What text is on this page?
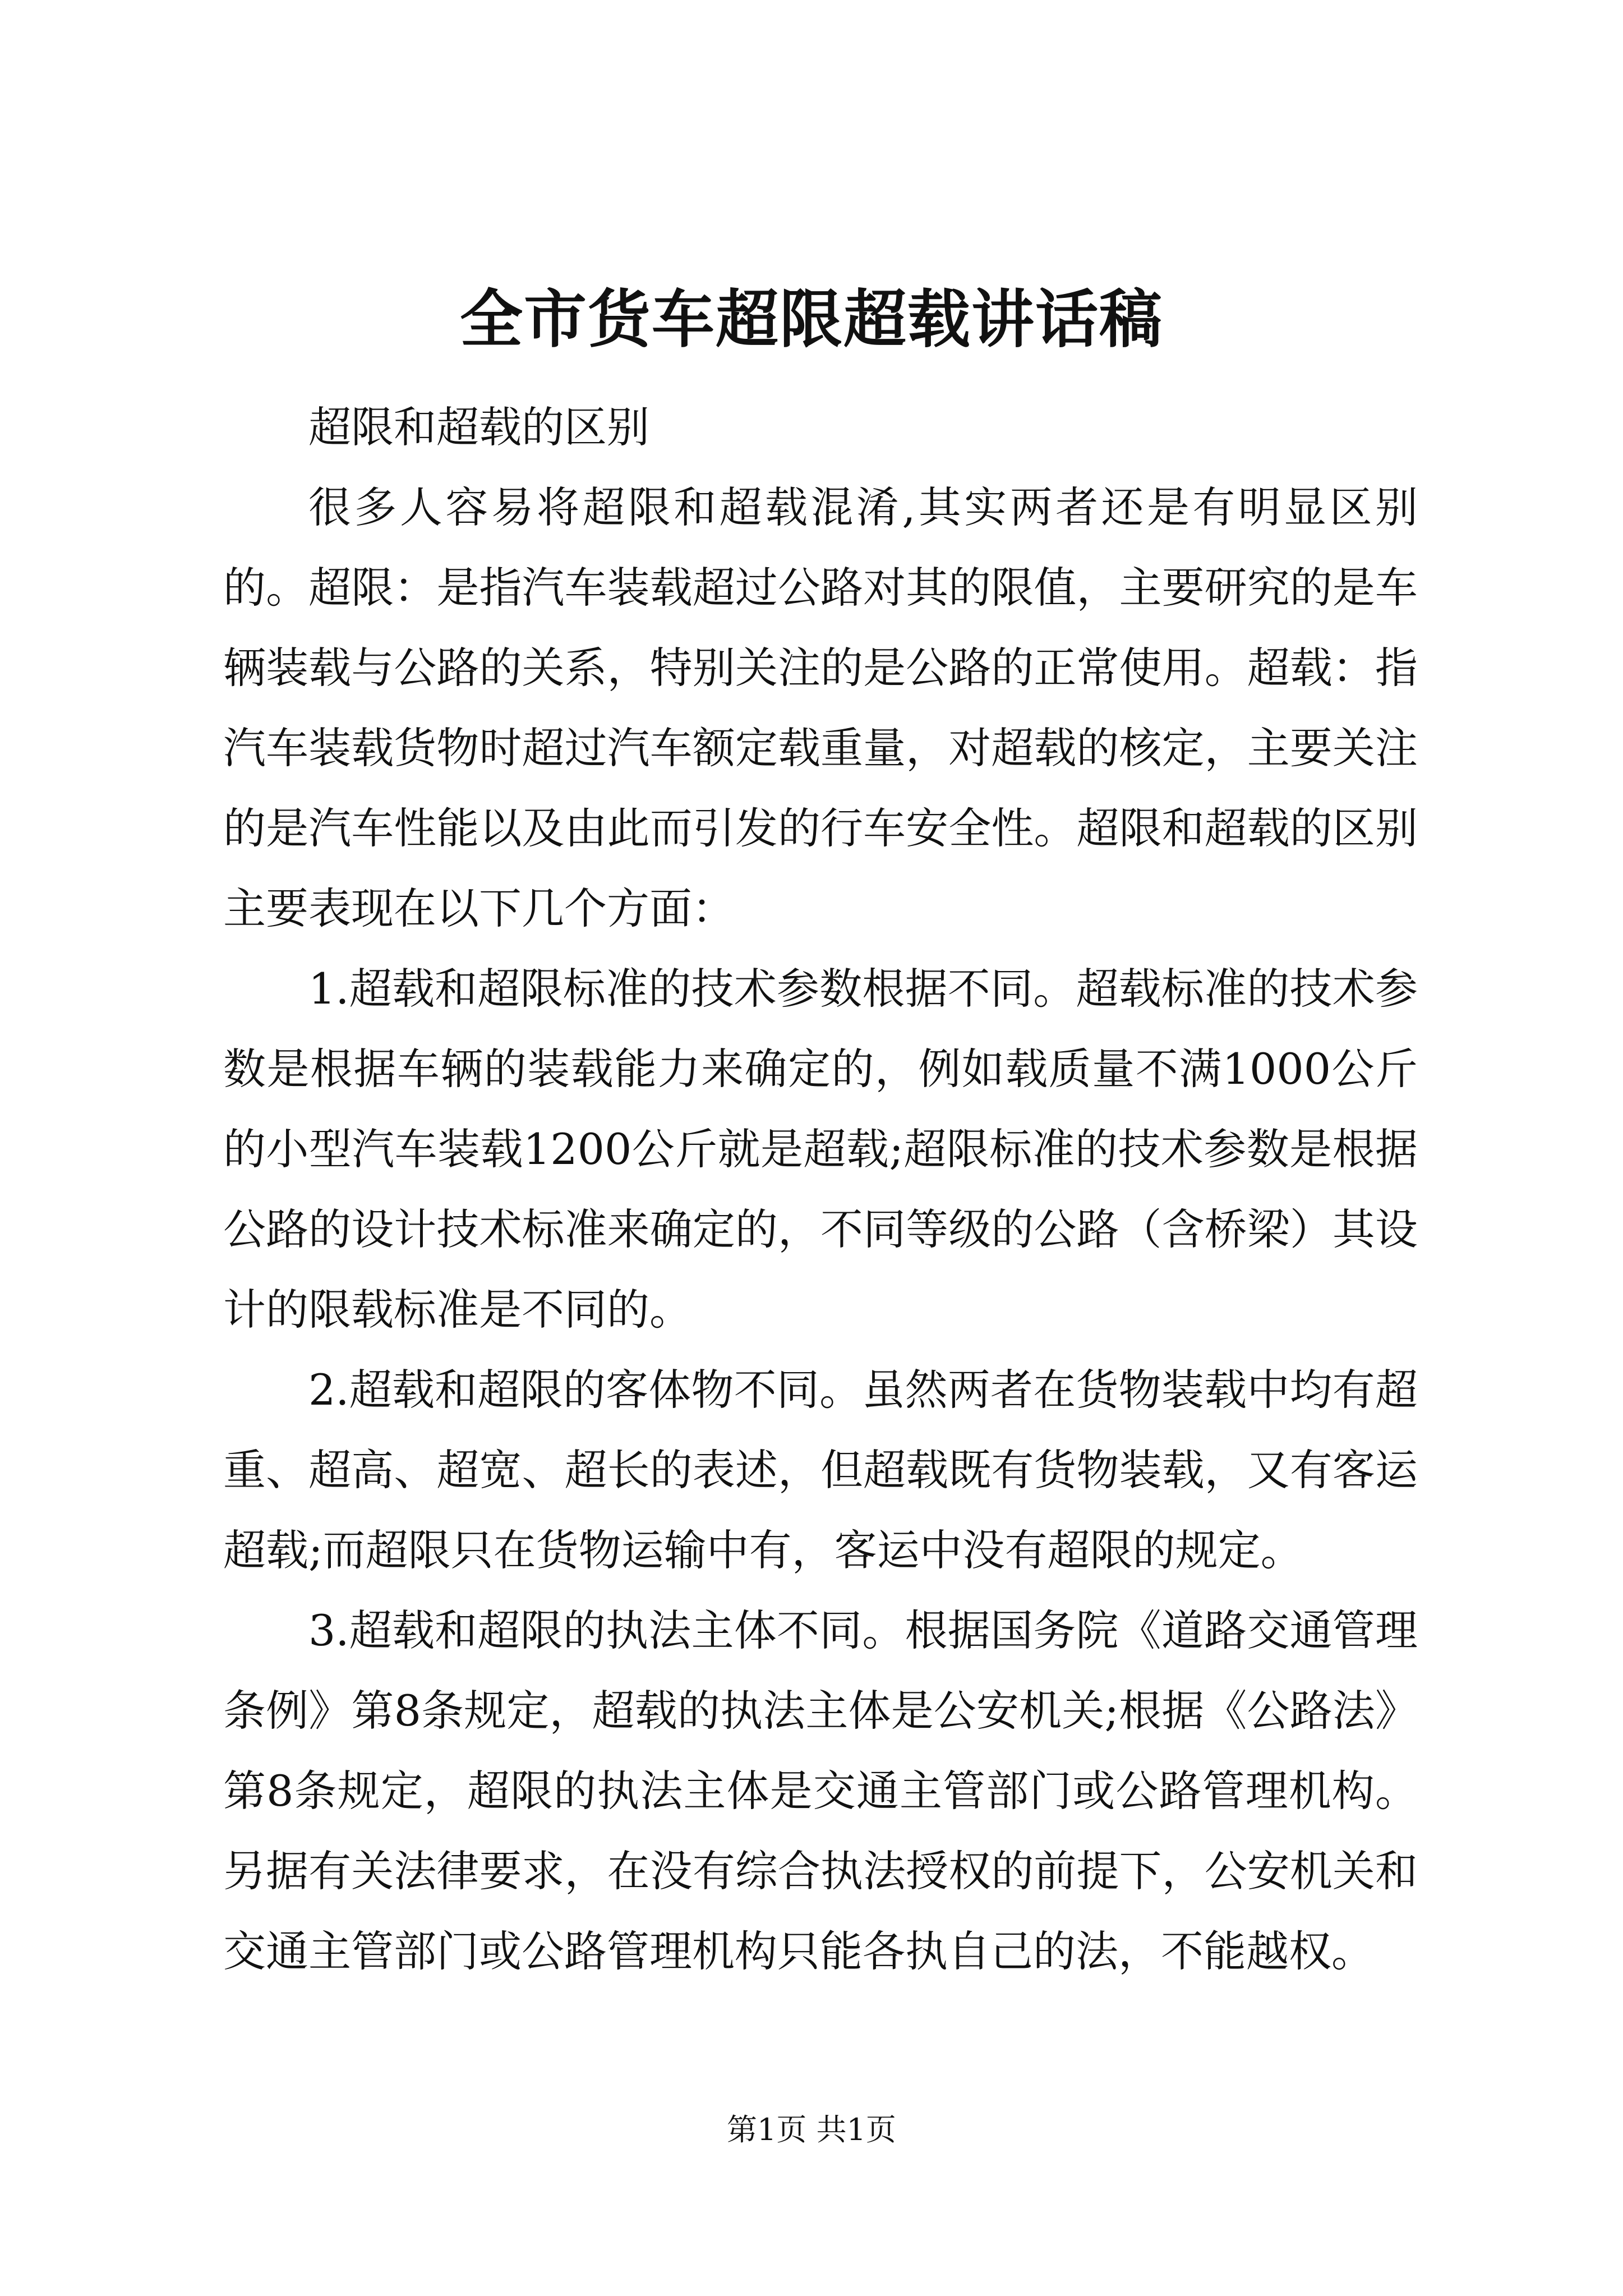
全市货车超限超载讲话稿

超限和超载的区别

很多人容易将超限和超载混淆,其实两者还是有明显区别的。超限：是指汽车装载超过公路对其的限值，主要研究的是车辆装载与公路的关系，特别关注的是公路的正常使用。超载：指汽车装载货物时超过汽车额定载重量，对超载的核定，主要关注的是汽车性能以及由此而引发的行车安全性。超限和超载的区别主要表现在以下几个方面：

1.超载和超限标准的技术参数根据不同。超载标准的技术参数是根据车辆的装载能力来确定的，例如载质量不满1000公斤的小型汽车装载1200公斤就是超载;超限标准的技术参数是根据公路的设计技术标准来确定的，不同等级的公路（含桥梁）其设计的限载标准是不同的。

2.超载和超限的客体物不同。虽然两者在货物装载中均有超重、超高、超宽、超长的表述，但超载既有货物装载，又有客运超载;而超限只在货物运输中有，客运中没有超限的规定。

3.超载和超限的执法主体不同。根据国务院《道路交通管理条例》第8条规定，超载的执法主体是公安机关;根据《公路法》第8条规定，超限的执法主体是交通主管部门或公路管理机构。另据有关法律要求，在没有综合执法授权的前提下，公安机关和交通主管部门或公路管理机构只能各执自己的法，不能越权。

第1页 共1页
